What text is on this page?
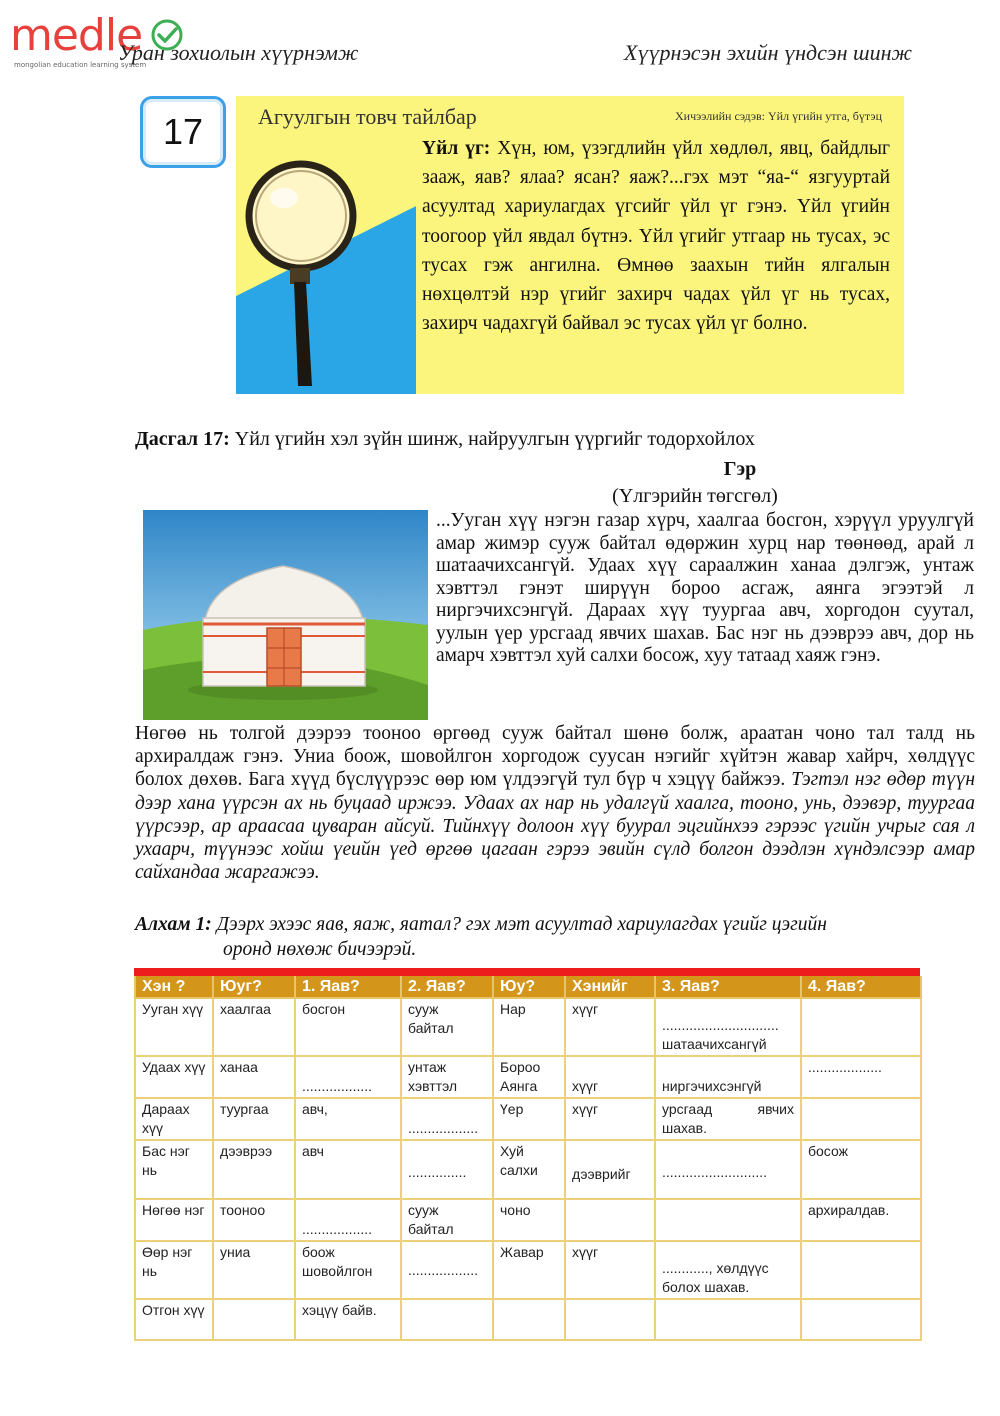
medle
mongolian education learning system
Уран зохиолын хүүрнэмж	Хүүрнэсэн эхийн үндсэн шинж
17	Агуулгын товч тайлбар	Хичээлийн сэдэв: Үйл үгийн утга, бүтэц
Үйл үг: Хүн, юм, үзэгдлийн үйл хөдлөл, явц, байдлыг зааж, яав? ялаа? ясан? яаж?...гэх мэт “яа-“ язгууртай асуултад хариулагдах үгсийг үйл үг гэнэ. Үйл үгийн тоогоор үйл явдал бүтнэ. Үйл үгийг утгаар нь тусах, эс тусах гэж ангилна. Өмнөө заахын тийн ялгалын нөхцөлтэй нэр үгийг захирч чадах үйл үг нь тусах, захирч чадахгүй байвал эс тусах үйл үг болно.
Дасгал 17: Үйл үгийн хэл зүйн шинж, найруулгын үүргийг тодорхойлох
Гэр
(Үлгэрийн төгсгөл)
...Ууган хүү нэгэн газар хүрч, хаалгаа босгон, хэрүүл уруулгүй амар жимэр сууж байтал өдөржин хурц нар төөнөөд, арай л шатаачихсангүй. Удаах хүү сараалжин ханаа дэлгэж, унтаж хэвттэл гэнэт ширүүн бороо асгаж, аянга эгээтэй л ниргэчихсэнгүй. Дараах хүү туургаа авч, хоргодон суутал, уулын үер урсгаад явчих шахав. Бас нэг нь дээврээ авч, дор нь амарч хэвттэл хуй салхи босож, хуу татаад хаяж гэнэ.
Нөгөө нь толгой дээрээ тооноо өргөөд сууж байтал шөнө болж, араатан чоно тал талд нь архиралдаж гэнэ. Униа боож, шовойлгон хоргодож суусан нэгийг хүйтэн жавар хайрч, хөлдүүс болох дөхөв. Бага хүүд бүслүүрээс өөр юм үлдээгүй тул бүр ч хэцүү байжээ. Тэгтэл нэг өдөр түүн дээр хана үүрсэн ах нь буцаад иржээ. Удаах ах нар нь удалгүй хаалга, тооно, унь, дээвэр, туургаа үүрсээр, ар араасаа цуваран айсуй. Тийнхүү долоон хүү буурал эцгийнхээ гэрээс үгийн учрыг сая л ухаарч, түүнээс хойш үеийн үед өргөө цагаан гэрээ эвийн сүлд болгон дээдлэн хүндэлсээр амар сайхандаа жаргажээ.
Алхам 1: Дээрх эхээс яав, яаж, яатал? гэх мэт асуултад хариулагдах үгийг цэгийн
оронд нөхөж бичээрэй.
Хэн ?	Юуг?	1. Яав?	2. Яав?	Юу?	Хэнийг	3. Яав?	4. Яав?
Ууган хүү	хаалгаа	босгон	сууж байтал	Нар	хүүг	..............................
шатаачихсангүй	

Удаах хүү	ханаа	..................	унтаж хэвттэл	Бороо Аянга	хүүг	ниргэчихсэнгүй	...................
Дараах хүү	туургаа	авч,	..................	Үер	хүүг	урсгаад явчих шахав.	

Бас нэг нь	дээврээ	авч	...............	Хуй салхи	дээврийг	...........................	босож
Нөгөө нэг	тооноо	..................	сууж байтал	чоно			архиралдав.
Өөр нэг нь	униа	боож шовойлгон	..................	Жавар	хүүг	............, хөлдүүс болох шахав.	

Отгон хүү		хэцүү байв.					
